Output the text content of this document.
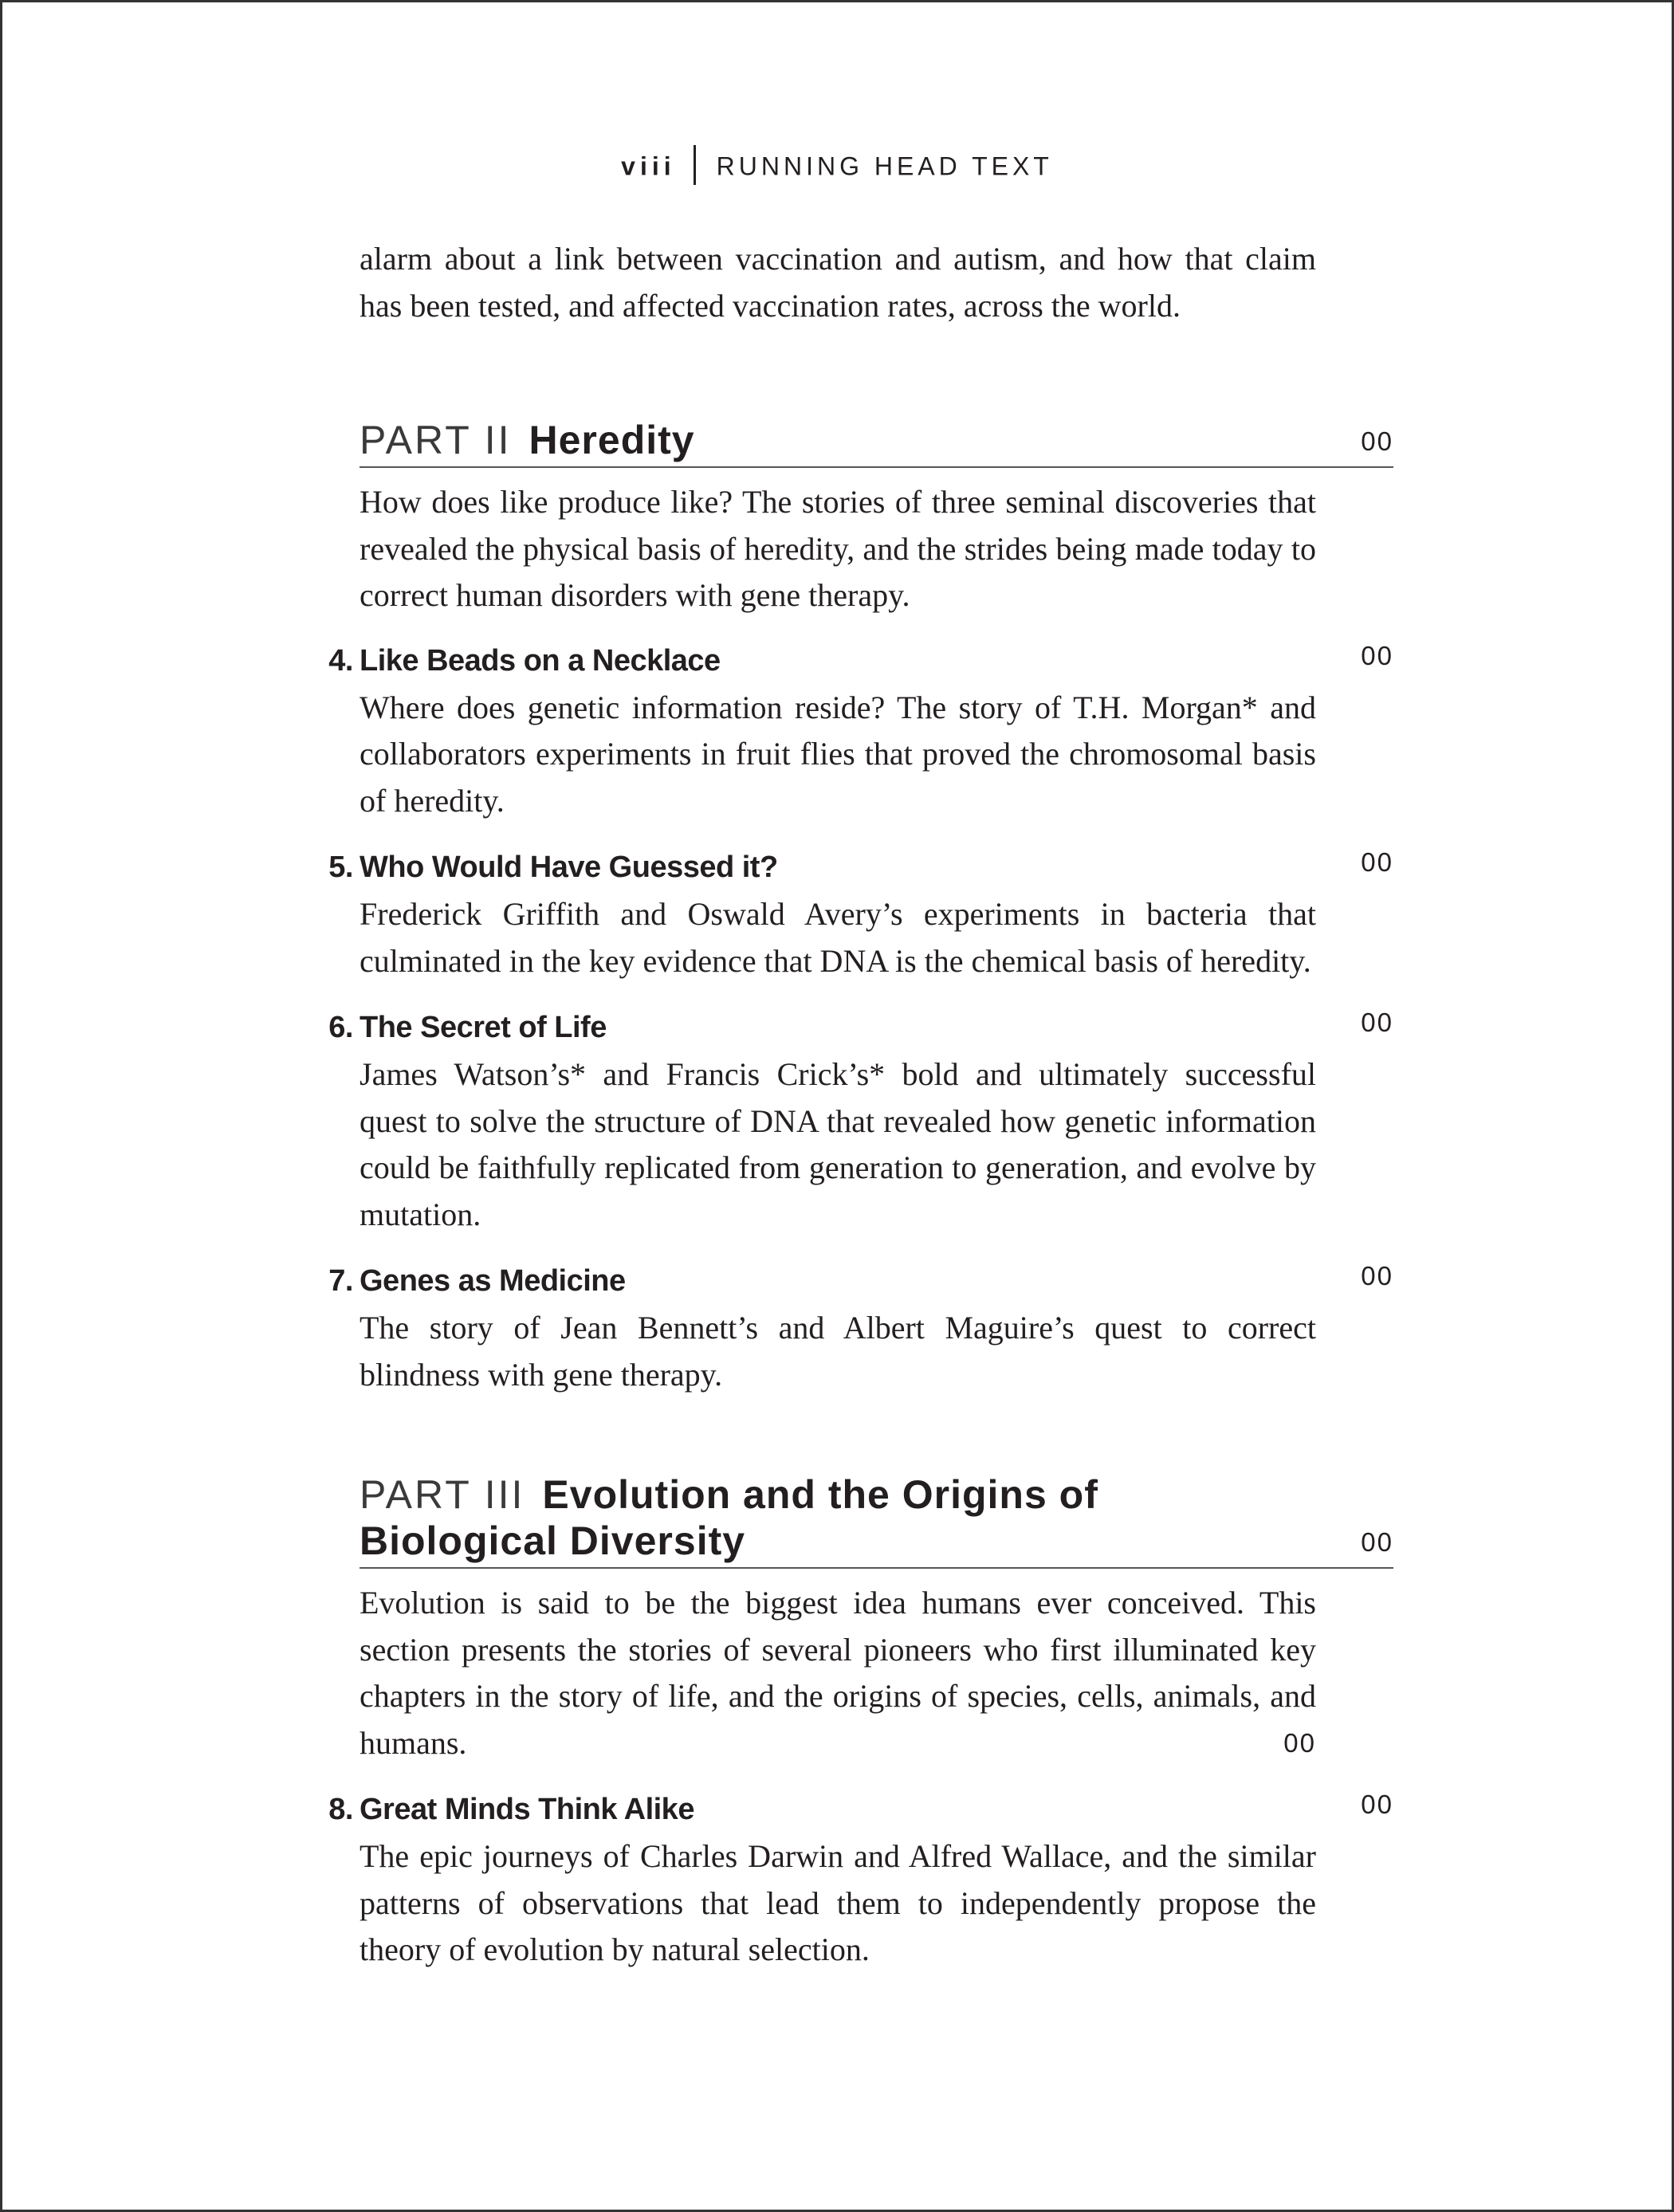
viii RUNNING HEAD TEXT

alarm about a link between vaccination and autism, and how that claim has been tested, and affected vaccination rates, across the world.

PART II Heredity	00

How does like produce like? The stories of three seminal discoveries that revealed the physical basis of heredity, and the strides being made today to correct human disorders with gene therapy.

4. Like Beads on a Necklace	00

Where does genetic information reside? The story of T.H. Morgan* and collaborators experiments in fruit flies that proved the chromosomal basis of heredity.

5. Who Would Have Guessed it?	00

Frederick Griffith and Oswald Avery’s experiments in bacteria that culminated in the key evidence that DNA is the chemical basis of heredity.

6. The Secret of Life	00

James Watson’s* and Francis Crick’s* bold and ultimately successful quest to solve the structure of DNA that revealed how genetic information could be faithfully replicated from generation to generation, and evolve by mutation.

7. Genes as Medicine	00

The story of Jean Bennett’s and Albert Maguire’s quest to correct blindness with gene therapy.

PART III Evolution and the Origins of Biological Diversity	00

Evolution is said to be the biggest idea humans ever conceived. This section presents the stories of several pioneers who first illuminated key chapters in the story of life, and the origins of species, cells, animals, and humans.	00

8. Great Minds Think Alike	00

The epic journeys of Charles Darwin and Alfred Wallace, and the similar patterns of observations that lead them to independently propose the theory of evolution by natural selection.
